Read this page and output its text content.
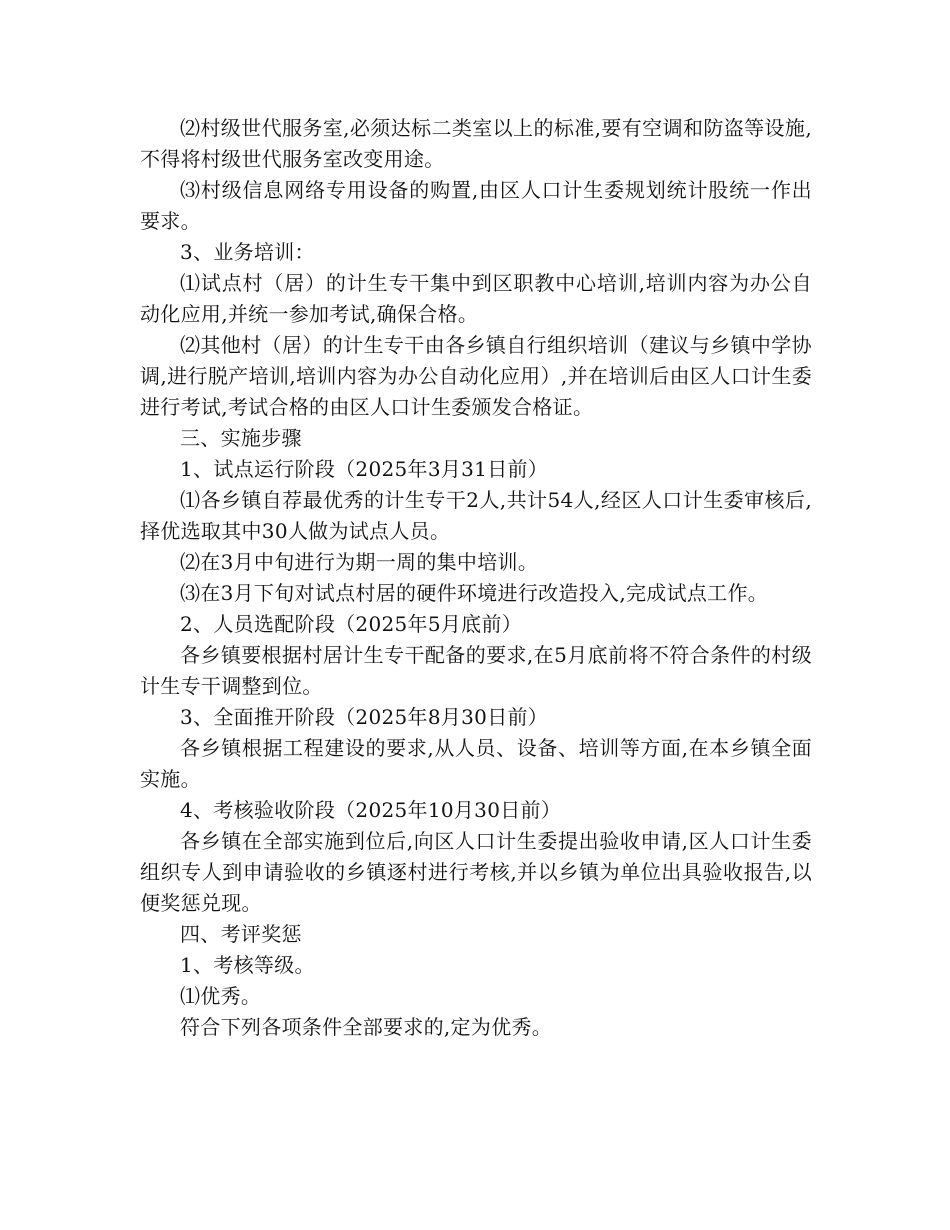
⑵村级世代服务室,必须达标二类室以上的标准,要有空调和防盗等设施,不得将村级世代服务室改变用途。

⑶村级信息网络专用设备的购置,由区人口计生委规划统计股统一作出要求。

3、业务培训：

⑴试点村（居）的计生专干集中到区职教中心培训,培训内容为办公自动化应用,并统一参加考试,确保合格。

⑵其他村（居）的计生专干由各乡镇自行组织培训（建议与乡镇中学协调,进行脱产培训,培训内容为办公自动化应用）,并在培训后由区人口计生委进行考试,考试合格的由区人口计生委颁发合格证。

三、实施步骤

1、试点运行阶段（2025年3月31日前）

⑴各乡镇自荐最优秀的计生专干2人,共计54人,经区人口计生委审核后,择优选取其中30人做为试点人员。

⑵在3月中旬进行为期一周的集中培训。

⑶在3月下旬对试点村居的硬件环境进行改造投入,完成试点工作。

2、人员选配阶段（2025年5月底前）

各乡镇要根据村居计生专干配备的要求,在5月底前将不符合条件的村级计生专干调整到位。

3、全面推开阶段（2025年8月30日前）

各乡镇根据工程建设的要求,从人员、设备、培训等方面,在本乡镇全面实施。

4、考核验收阶段（2025年10月30日前）

各乡镇在全部实施到位后,向区人口计生委提出验收申请,区人口计生委组织专人到申请验收的乡镇逐村进行考核,并以乡镇为单位出具验收报告,以便奖惩兑现。

四、考评奖惩

1、考核等级。

⑴优秀。

符合下列各项条件全部要求的,定为优秀。
